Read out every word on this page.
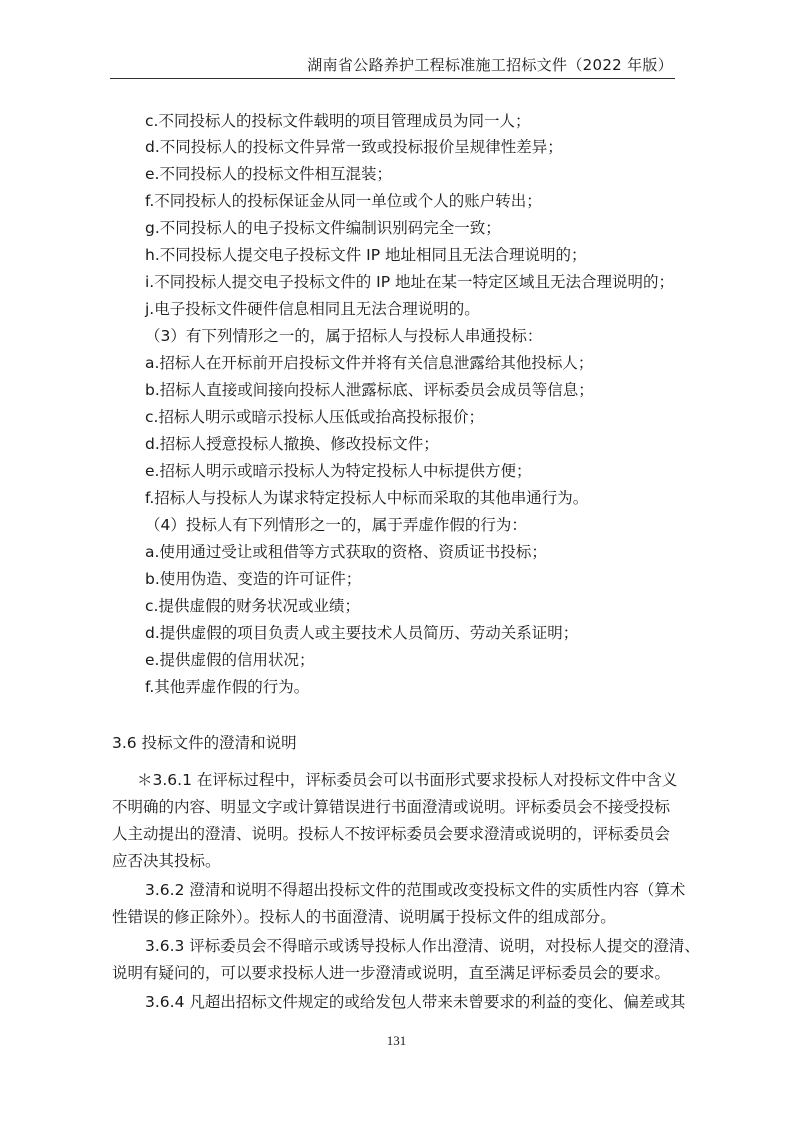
湖南省公路养护工程标准施工招标文件（2022 年版）
c.不同投标人的投标文件载明的项目管理成员为同一人；
d.不同投标人的投标文件异常一致或投标报价呈规律性差异；
e.不同投标人的投标文件相互混装；
f.不同投标人的投标保证金从同一单位或个人的账户转出；
g.不同投标人的电子投标文件编制识别码完全一致；
h.不同投标人提交电子投标文件 IP 地址相同且无法合理说明的；
i.不同投标人提交电子投标文件的 IP 地址在某一特定区域且无法合理说明的；
j.电子投标文件硬件信息相同且无法合理说明的。
（3）有下列情形之一的，属于招标人与投标人串通投标：
a.招标人在开标前开启投标文件并将有关信息泄露给其他投标人；
b.招标人直接或间接向投标人泄露标底、评标委员会成员等信息；
c.招标人明示或暗示投标人压低或抬高投标报价；
d.招标人授意投标人撤换、修改投标文件；
e.招标人明示或暗示投标人为特定投标人中标提供方便；
f.招标人与投标人为谋求特定投标人中标而采取的其他串通行为。
（4）投标人有下列情形之一的，属于弄虚作假的行为：
a.使用通过受让或租借等方式获取的资格、资质证书投标；
b.使用伪造、变造的许可证件；
c.提供虚假的财务状况或业绩；
d.提供虚假的项目负责人或主要技术人员简历、劳动关系证明；
e.提供虚假的信用状况；
f.其他弄虚作假的行为。
3.6 投标文件的澄清和说明
＊3.6.1 在评标过程中，评标委员会可以书面形式要求投标人对投标文件中含义
不明确的内容、明显文字或计算错误进行书面澄清或说明。评标委员会不接受投标
人主动提出的澄清、说明。投标人不按评标委员会要求澄清或说明的，评标委员会
应否决其投标。
3.6.2 澄清和说明不得超出投标文件的范围或改变投标文件的实质性内容（算术
性错误的修正除外）。投标人的书面澄清、说明属于投标文件的组成部分。
3.6.3 评标委员会不得暗示或诱导投标人作出澄清、说明，对投标人提交的澄清、
说明有疑问的，可以要求投标人进一步澄清或说明，直至满足评标委员会的要求。
3.6.4 凡超出招标文件规定的或给发包人带来未曾要求的利益的变化、偏差或其
131
